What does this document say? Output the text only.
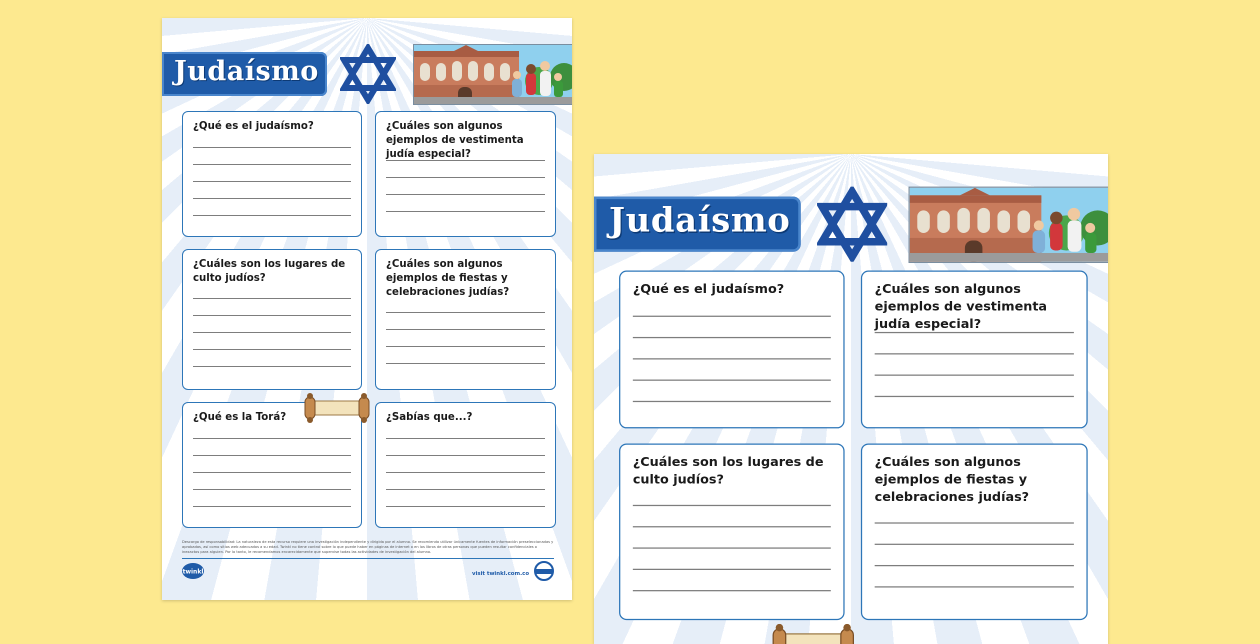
Judaísmo
¿Qué es el judaísmo?	¿Cuáles son algunos ejemplos de vestimenta judía especial?
¿Cuáles son los lugares de culto judíos?
¿Cuáles son algunos ejemplos de fiestas y celebraciones judías?
¿Qué es la Torá?	¿Sabías que...?
Descargo de responsabilidad: La naturaleza de esta recurso requiere una investigación independiente y dirigida por el alumno. Se recomienda utilizar únicamente fuentes de información preseleccionadas y aprobadas, así como sitios web adecuados a su edad. Twinkl no tiene control sobre lo que puede haber en páginas de internet o en los libros de otras personas que pueden resultar confidenciales o inexactos para alguien. Por lo tanto, le recomendamos encarecidamente que supervise todas las actividades de investigación del alumno.
twinkl	visit twinkl.com.co
Judaísmo
¿Qué es el judaísmo?	¿Cuáles son algunos ejemplos de vestimenta judía especial?
¿Cuáles son los lugares de culto judíos?
¿Cuáles son algunos ejemplos de fiestas y celebraciones judías?
